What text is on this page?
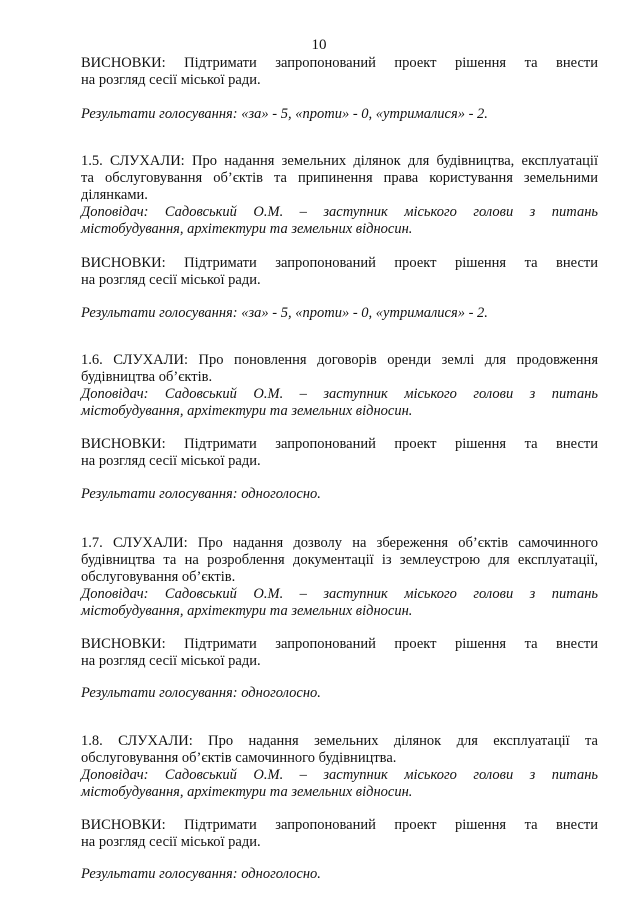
10
ВИСНОВКИ: Підтримати запропонований проект рішення та внести
на розгляд сесії міської ради.
Результати голосування: «за» - 5, «проти» - 0, «утрималися» - 2.
1.5. СЛУХАЛИ: Про надання земельних ділянок для будівництва, експлуатації
та обслуговування об’єктів та припинення права користування земельними
ділянками.
Доповідач: Садовський О.М. – заступник міського голови з питань
містобудування, архітектури та земельних відносин.
ВИСНОВКИ: Підтримати запропонований проект рішення та внести
на розгляд сесії міської ради.
Результати голосування: «за» - 5, «проти» - 0, «утрималися» - 2.
1.6. СЛУХАЛИ: Про поновлення договорів оренди землі для продовження
будівництва об’єктів.
Доповідач: Садовський О.М. – заступник міського голови з питань
містобудування, архітектури та земельних відносин.
ВИСНОВКИ: Підтримати запропонований проект рішення та внести
на розгляд сесії міської ради.
Результати голосування: одноголосно.
1.7. СЛУХАЛИ: Про надання дозволу на збереження об’єктів самочинного
будівництва та на розроблення документації із землеустрою для експлуатації,
обслуговування об’єктів.
Доповідач: Садовський О.М. – заступник міського голови з питань
містобудування, архітектури та земельних відносин.
ВИСНОВКИ: Підтримати запропонований проект рішення та внести
на розгляд сесії міської ради.
Результати голосування: одноголосно.
1.8. СЛУХАЛИ: Про надання земельних ділянок для експлуатації та
обслуговування об’єктів самочинного будівництва.
Доповідач: Садовський О.М. – заступник міського голови з питань
містобудування, архітектури та земельних відносин.
ВИСНОВКИ: Підтримати запропонований проект рішення та внести
на розгляд сесії міської ради.
Результати голосування: одноголосно.
